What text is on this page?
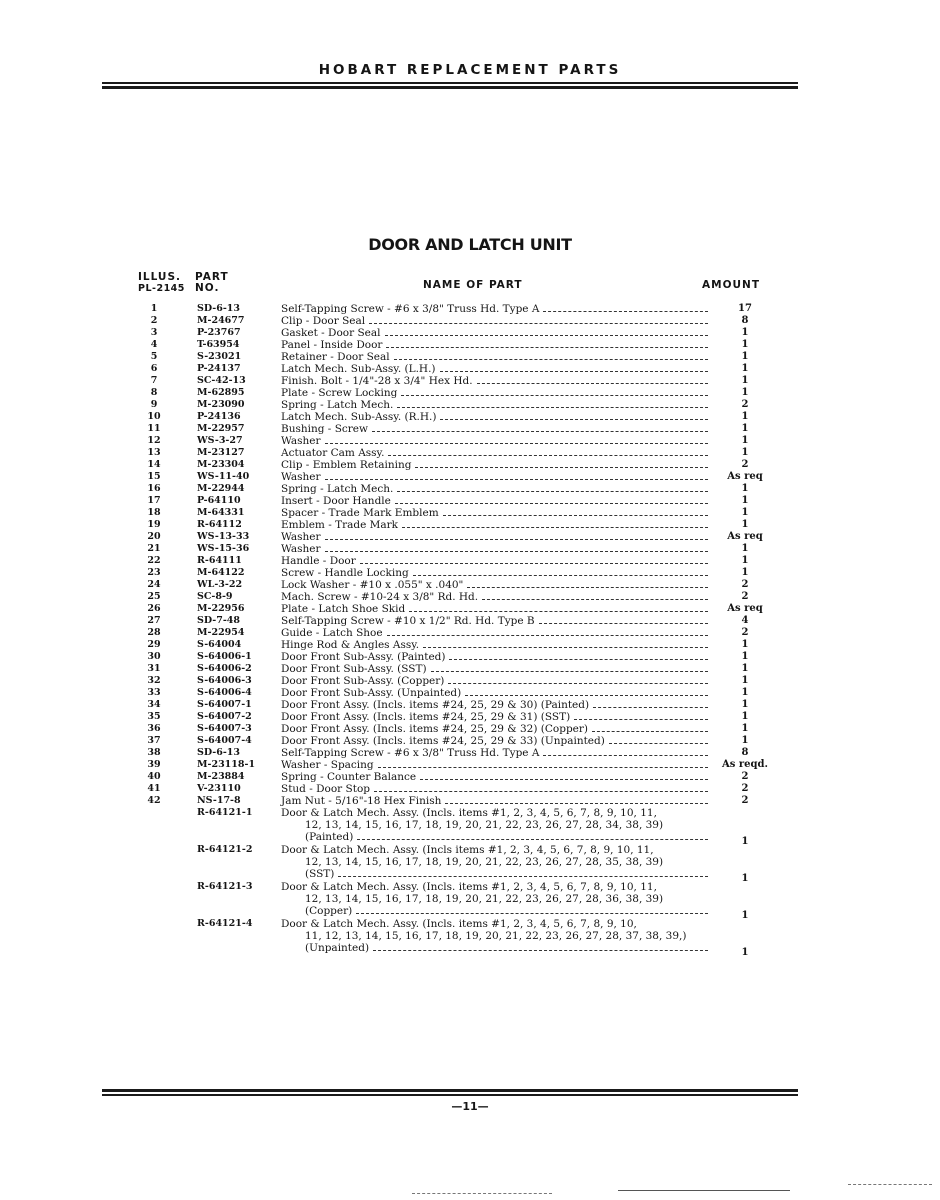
HOBART REPLACEMENT PARTS
DOOR AND LATCH UNIT
ILLUS.
PL-2145
PART
NO.	NAME OF PART	AMOUNT
1	SD-6-13	Self-Tapping Screw - #6 x 3/8" Truss Hd. Type A	17
2	M-24677	Clip - Door Seal	8
3	P-23767	Gasket - Door Seal	1
4	T-63954	Panel - Inside Door	1
5	S-23021	Retainer - Door Seal	1
6	P-24137	Latch Mech. Sub-Assy. (L.H.)	1
7	SC-42-13	Finish. Bolt - 1/4"-28 x 3/4" Hex Hd.	1
8	M-62895	Plate - Screw Locking	1
9	M-23090	Spring - Latch Mech.	2
10	P-24136	Latch Mech. Sub-Assy. (R.H.)	1
11	M-22957	Bushing - Screw	1
12	WS-3-27	Washer	1
13	M-23127	Actuator Cam Assy.	1
14	M-23304	Clip - Emblem Retaining	2
15	WS-11-40	Washer	As req
16	M-22944	Spring - Latch Mech.	1
17	P-64110	Insert - Door Handle	1
18	M-64331	Spacer - Trade Mark Emblem	1
19	R-64112	Emblem - Trade Mark	1
20	WS-13-33	Washer	As req
21	WS-15-36	Washer	1
22	R-64111	Handle - Door	1
23	M-64122	Screw - Handle Locking	1
24	WL-3-22	Lock Washer - #10 x .055" x .040"	2
25	SC-8-9	Mach. Screw - #10-24 x 3/8" Rd. Hd.	2
26	M-22956	Plate - Latch Shoe Skid	As req
27	SD-7-48	Self-Tapping Screw - #10 x 1/2" Rd. Hd. Type B	4
28	M-22954	Guide - Latch Shoe	2
29	S-64004	Hinge Rod & Angles Assy.	1
30	S-64006-1	Door Front Sub-Assy. (Painted)	1
31	S-64006-2	Door Front Sub-Assy. (SST)	1
32	S-64006-3	Door Front Sub-Assy. (Copper)	1
33	S-64006-4	Door Front Sub-Assy. (Unpainted)	1
34	S-64007-1	Door Front Assy. (Incls. items #24, 25, 29 & 30) (Painted)	1
35	S-64007-2	Door Front Assy. (Incls. items #24, 25, 29 & 31) (SST)	1
36	S-64007-3	Door Front Assy. (Incls. items #24, 25, 29 & 32) (Copper)	1
37	S-64007-4	Door Front Assy. (Incls. items #24, 25, 29 & 33) (Unpainted)	1
38	SD-6-13	Self-Tapping Screw - #6 x 3/8" Truss Hd. Type A	8
39	M-23118-1 Washer - Spacing	As reqd.
40	M-23884	Spring - Counter Balance	2
41	V-23110	Stud - Door Stop	2
42	NS-17-8	Jam Nut - 5/16"-18 Hex Finish	2
R-64121-1	Door & Latch Mech. Assy. (Incls. items #1, 2, 3, 4, 5, 6, 7, 8, 9, 10, 11,
12, 13, 14, 15, 16, 17, 18, 19, 20, 21, 22, 23, 26, 27, 28, 34, 38, 39)
(Painted)	1
R-64121-2	Door & Latch Mech. Assy. (Incls items #1, 2, 3, 4, 5, 6, 7, 8, 9, 10, 11,
12, 13, 14, 15, 16, 17, 18, 19, 20, 21, 22, 23, 26, 27, 28, 35, 38, 39)
(SST)	1
R-64121-3	Door & Latch Mech. Assy. (Incls. items #1, 2, 3, 4, 5, 6, 7, 8, 9, 10, 11,
12, 13, 14, 15, 16, 17, 18, 19, 20, 21, 22, 23, 26, 27, 28, 36, 38, 39)
(Copper)	1
R-64121-4	Door & Latch Mech. Assy. (Incls. items #1, 2, 3, 4, 5, 6, 7, 8, 9, 10,
11, 12, 13, 14, 15, 16, 17, 18, 19, 20, 21, 22, 23, 26, 27, 28, 37, 38, 39,)
(Unpainted)	1
—11—
